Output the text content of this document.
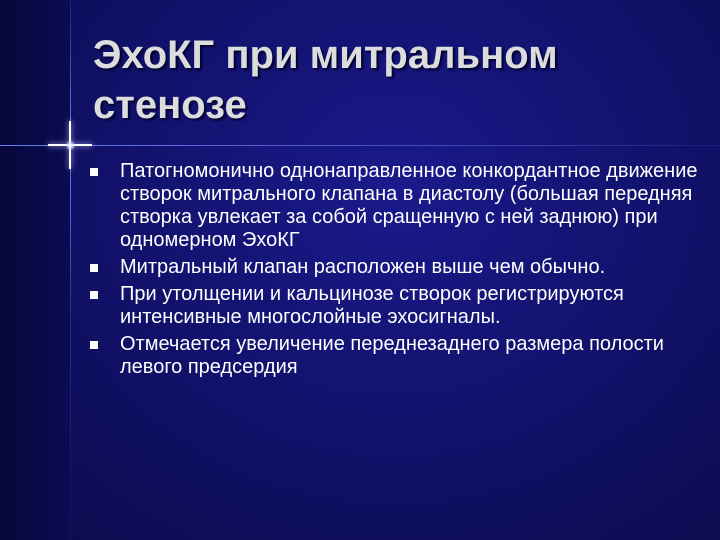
ЭхоКГ при митральном
стенозе
Патогномонично однонаправленное конкордантное движение створок митрального клапана в диастолу (большая передняя створка увлекает за собой сращенную с ней заднюю) при одномерном ЭхоКГ
Митральный клапан расположен выше чем обычно.
При утолщении и кальцинозе створок регистрируются интенсивные многослойные эхосигналы.
Отмечается увеличение переднезаднего размера полости левого предсердия
